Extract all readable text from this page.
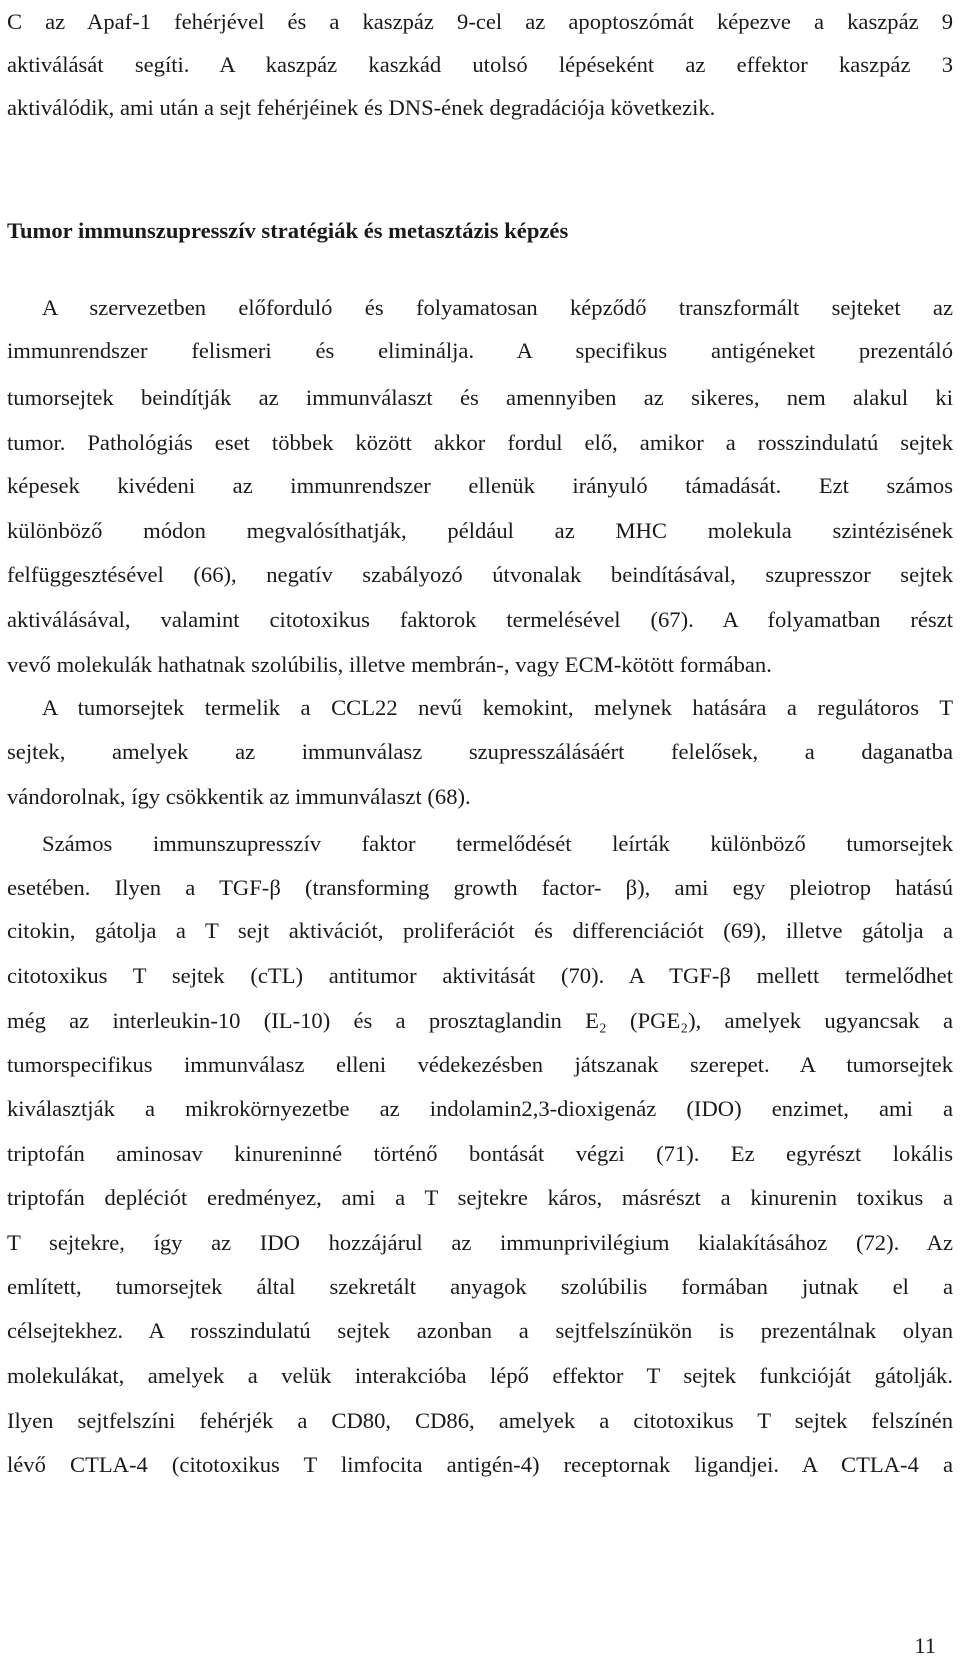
C az Apaf-1 fehérjével és a kaszpáz 9-cel az apoptoszómát képezve a kaszpáz 9
aktiválását segíti. A kaszpáz kaszkád utolsó lépéseként az effektor kaszpáz 3
aktiválódik, ami után a sejt fehérjéinek és DNS-ének degradációja következik.
Tumor immunszupresszív stratégiák és metasztázis képzés
A szervezetben előforduló és folyamatosan képződő transzformált sejteket az
immunrendszer felismeri és eliminálja. A specifikus antigéneket prezentáló
tumorsejtek beindítják az immunválaszt és amennyiben az sikeres, nem alakul ki
tumor. Pathológiás eset többek között akkor fordul elő, amikor a rosszindulatú sejtek
képesek kivédeni az immunrendszer ellenük irányuló támadását. Ezt számos
különböző módon megvalósíthatják, például az MHC molekula szintézisének
felfüggesztésével (66), negatív szabályozó útvonalak beindításával, szupresszor sejtek
aktiválásával, valamint citotoxikus faktorok termelésével (67). A folyamatban részt
vevő molekulák hathatnak szolúbilis, illetve membrán-, vagy ECM-kötött formában.
A tumorsejtek termelik a CCL22 nevű kemokint, melynek hatására a regulátoros T
sejtek, amelyek az immunválasz szupresszálásáért felelősek, a daganatba
vándorolnak, így csökkentik az immunválaszt (68).
Számos immunszupresszív faktor termelődését leírták különböző tumorsejtek
esetében. Ilyen a TGF-β (transforming growth factor- β), ami egy pleiotrop hatású
citokin, gátolja a T sejt aktivációt, proliferációt és differenciációt (69), illetve gátolja a
citotoxikus T sejtek (cTL) antitumor aktivitását (70). A TGF-β mellett termelődhet
még az interleukin-10 (IL-10) és a prosztaglandin E₂ (PGE₂), amelyek ugyancsak a
tumorspecifikus immunválasz elleni védekezésben játszanak szerepet. A tumorsejtek
kiválasztják a mikrokörnyezetbe az indolamin2,3-dioxigenáz (IDO) enzimet, ami a
triptofán aminosav kinureninné történő bontását végzi (71). Ez egyrészt lokális
triptofán depléciót eredményez, ami a T sejtekre káros, másrészt a kinurenin toxikus a
T sejtekre, így az IDO hozzájárul az immunprivilégium kialakításához (72). Az
említett, tumorsejtek által szekretált anyagok szolúbilis formában jutnak el a
célsejtekhez. A rosszindulatú sejtek azonban a sejtfelszínükön is prezentálnak olyan
molekulákat, amelyek a velük interakcióba lépő effektor T sejtek funkcióját gátolják.
Ilyen sejtfelszíni fehérjék a CD80, CD86, amelyek a citotoxikus T sejtek felszínén
lévő CTLA-4 (citotoxikus T limfocita antigén-4) receptornak ligandjei. A CTLA-4 a
11
